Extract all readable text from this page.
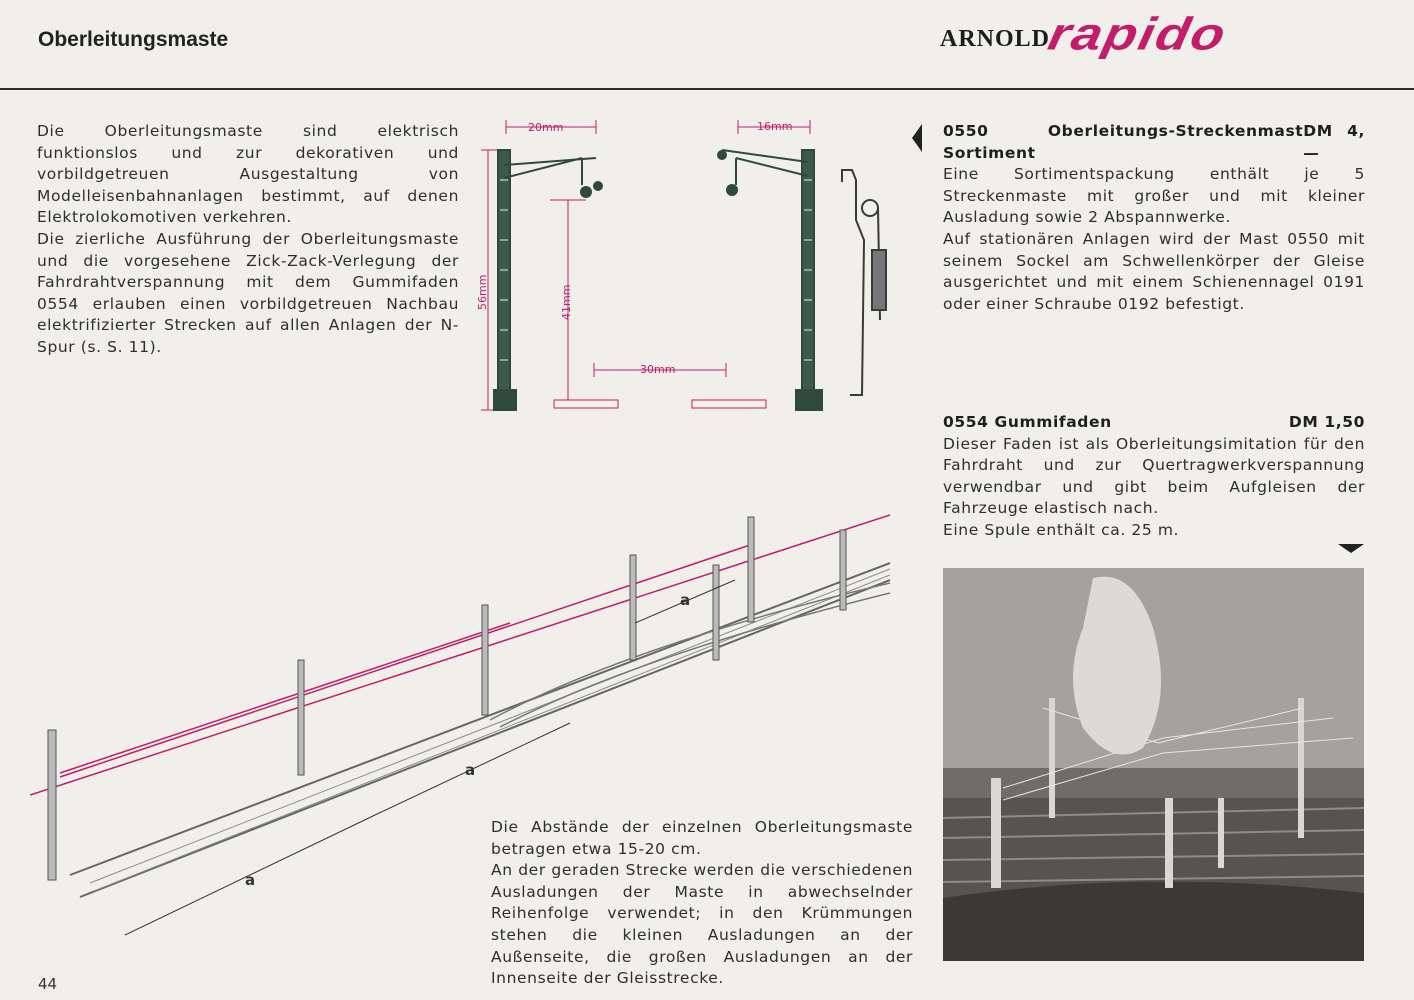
Oberleitungsmaste	ARNOLD
rapido

Die Oberleitungsmaste sind elektrisch funktionslos und zur dekorativen und vorbildgetreuen Ausgestaltung von Modelleisenbahnanlagen bestimmt, auf denen Elektrolokomotiven verkehren.

Die zierliche Ausführung der Oberleitungsmaste und die vorgesehene Zick-Zack-Verlegung der Fahrdrahtverspannung mit dem Gummifaden 0554 erlauben einen vorbildgetreuen Nachbau elektrifizierter Strecken auf allen Anlagen der N-Spur (s. S. 11).

20mm	16mm
56mm	41mm
30mm
0550 Oberleitungs-Streckenmast Sortiment
DM 4,—

Eine Sortimentspackung enthält je 5 Streckenmaste mit großer und mit kleiner Ausladung sowie 2 Abspannwerke.

Auf stationären Anlagen wird der Mast 0550 mit seinem Sockel am Schwellenkörper der Gleise ausgerichtet und mit einem Schienennagel 0191 oder einer Schraube 0192 befestigt.

0554 Gummifaden	DM 1,50

Dieser Faden ist als Oberleitungsimitation für den Fahrdraht und zur Quertragwerkverspannung verwendbar und gibt beim Aufgleisen der Fahrzeuge elastisch nach.

Eine Spule enthält ca. 25 m.

a
a
a

Die Abstände der einzelnen Oberleitungsmaste betragen etwa 15-20 cm.

An der geraden Strecke werden die verschiedenen Ausladungen der Maste in abwechselnder Reihenfolge verwendet; in den Krümmungen stehen die kleinen Ausladungen an der Außenseite, die großen Ausladungen an der Innenseite der Gleisstrecke.

44
